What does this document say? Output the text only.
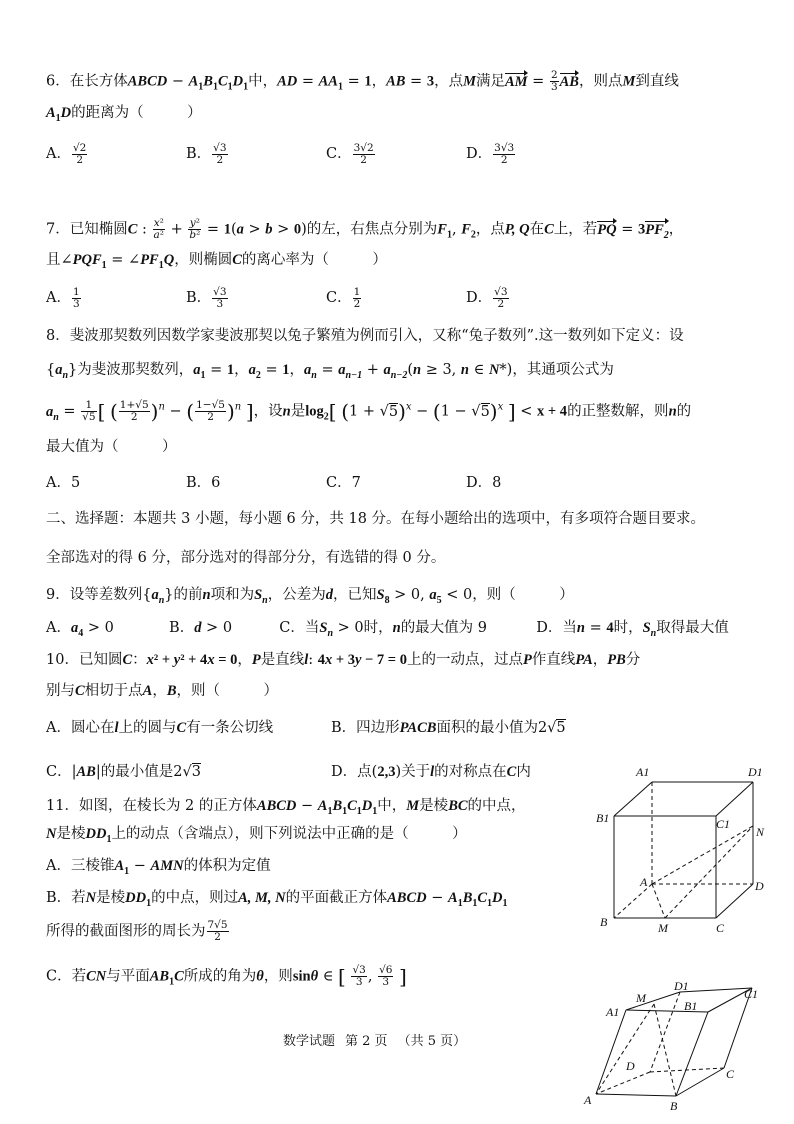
6．在长方体ABCD − $A_1B_1C_1D_1$中，AD = $AA_1 = 1$，AB = 3，点M满足AM = $\frac{2}{3}$ AB，则点M到直线
$A_1D$的距离为（　　　）
A． $\frac{√2}{2}$	B． $\frac{√3}{2}$	C． $\frac{3√2}{2}$	D． $\frac{3√3}{2}$
7．已知椭圆C : $\frac{\text{x²}}{\text{a²}} + \frac{\text{y²}}{\text{b²}} = 1(a > b > 0)$的左，右焦点分别为$F_1$, $F_2$，点P, Q在C上，若PQ = $3PF_2$，
且$\angle PQF_1$ = $\angle PF_1Q$，则椭圆C的离心率为（　　　）
A． $\frac{1}{3}$	B． $\frac{√3}{3}$	C． $\frac{1}{2}$	D． $\frac{√3}{2}$
8．斐波那契数列因数学家斐波那契以兔子繁殖为例而引入，又称“兔子数列”.这一数列如下定义：设
$\{a_n\}$为斐波那契数列，$a_1 = 1$，$a_2 = 1$，$a_n = a_{n-1} + a_{n-2}(n \ge 3$, n ∈ N*)，其通项公式为
$a_n = \frac{1}{√5}$ [ ( $\frac{1+√5}{2} )^n$ − ( $\frac{1-√5}{2} )^n$ ]，设n是$\log_2$[ $(1 + √5)^x - (1 - √5)^x$ ] < x + 4的正整数解，则n的
最大值为（　　　）
A．5	B．6	C．7	D．8
二、选择题：本题共 3 小题，每小题 6 分，共 18 分。在每小题给出的选项中，有多项符合题目要求。
全部选对的得 6 分，部分选对的得部分分，有选错的得 0 分。
9．设等差数列$\{a_n\}$的前n项和为$S_n$，公差为d，已知$S_8 > 0$, $a_5 < 0$，则（　　　）
A．$a_4 > 0$	B．d > 0	C．当$S_n > 0$时，n的最大值为 9	D．当n = 4时，$S_n$取得最大值
10．已知圆C：x² + y² + 4x = 0，P是直线l: 4x + 3y − 7 = 0上的一动点，过点P作直线PA，PB分
别与C相切于点A，B，则（　　　）
A．圆心在l上的圆与C有一条公切线	B．四边形PACB面积的最小值为2√5
C．|AB|的最小值是2√3	D．点(2,3)关于l的对称点在C内
11．如图，在棱长为 2 的正方体ABCD − $A_1B_1C_1D_1$中，M是棱BC的中点，
N是棱$DD_1$上的动点（含端点），则下列说法中正确的是（　　　）
A．三棱锥$A_1$ − AMN的体积为定值
B．若N是棱$DD_1$的中点，则过A, M, N的平面截正方体ABCD − $A_1B_1C_1D_1$
所得的截面图形的周长为 $\frac{7√5}{2}$
C．若CN与平面$AB_1C$所成的角为θ，则sinθ ∈ [ $\frac{√3}{3}$ , $\frac{√6}{3}$ ]
数学试题 第 2 页 （共 5 页）
A1	D1
B1	C1
N
A	D
B	M	C
D1
M	C1
A1	B1
D
C
A	B
